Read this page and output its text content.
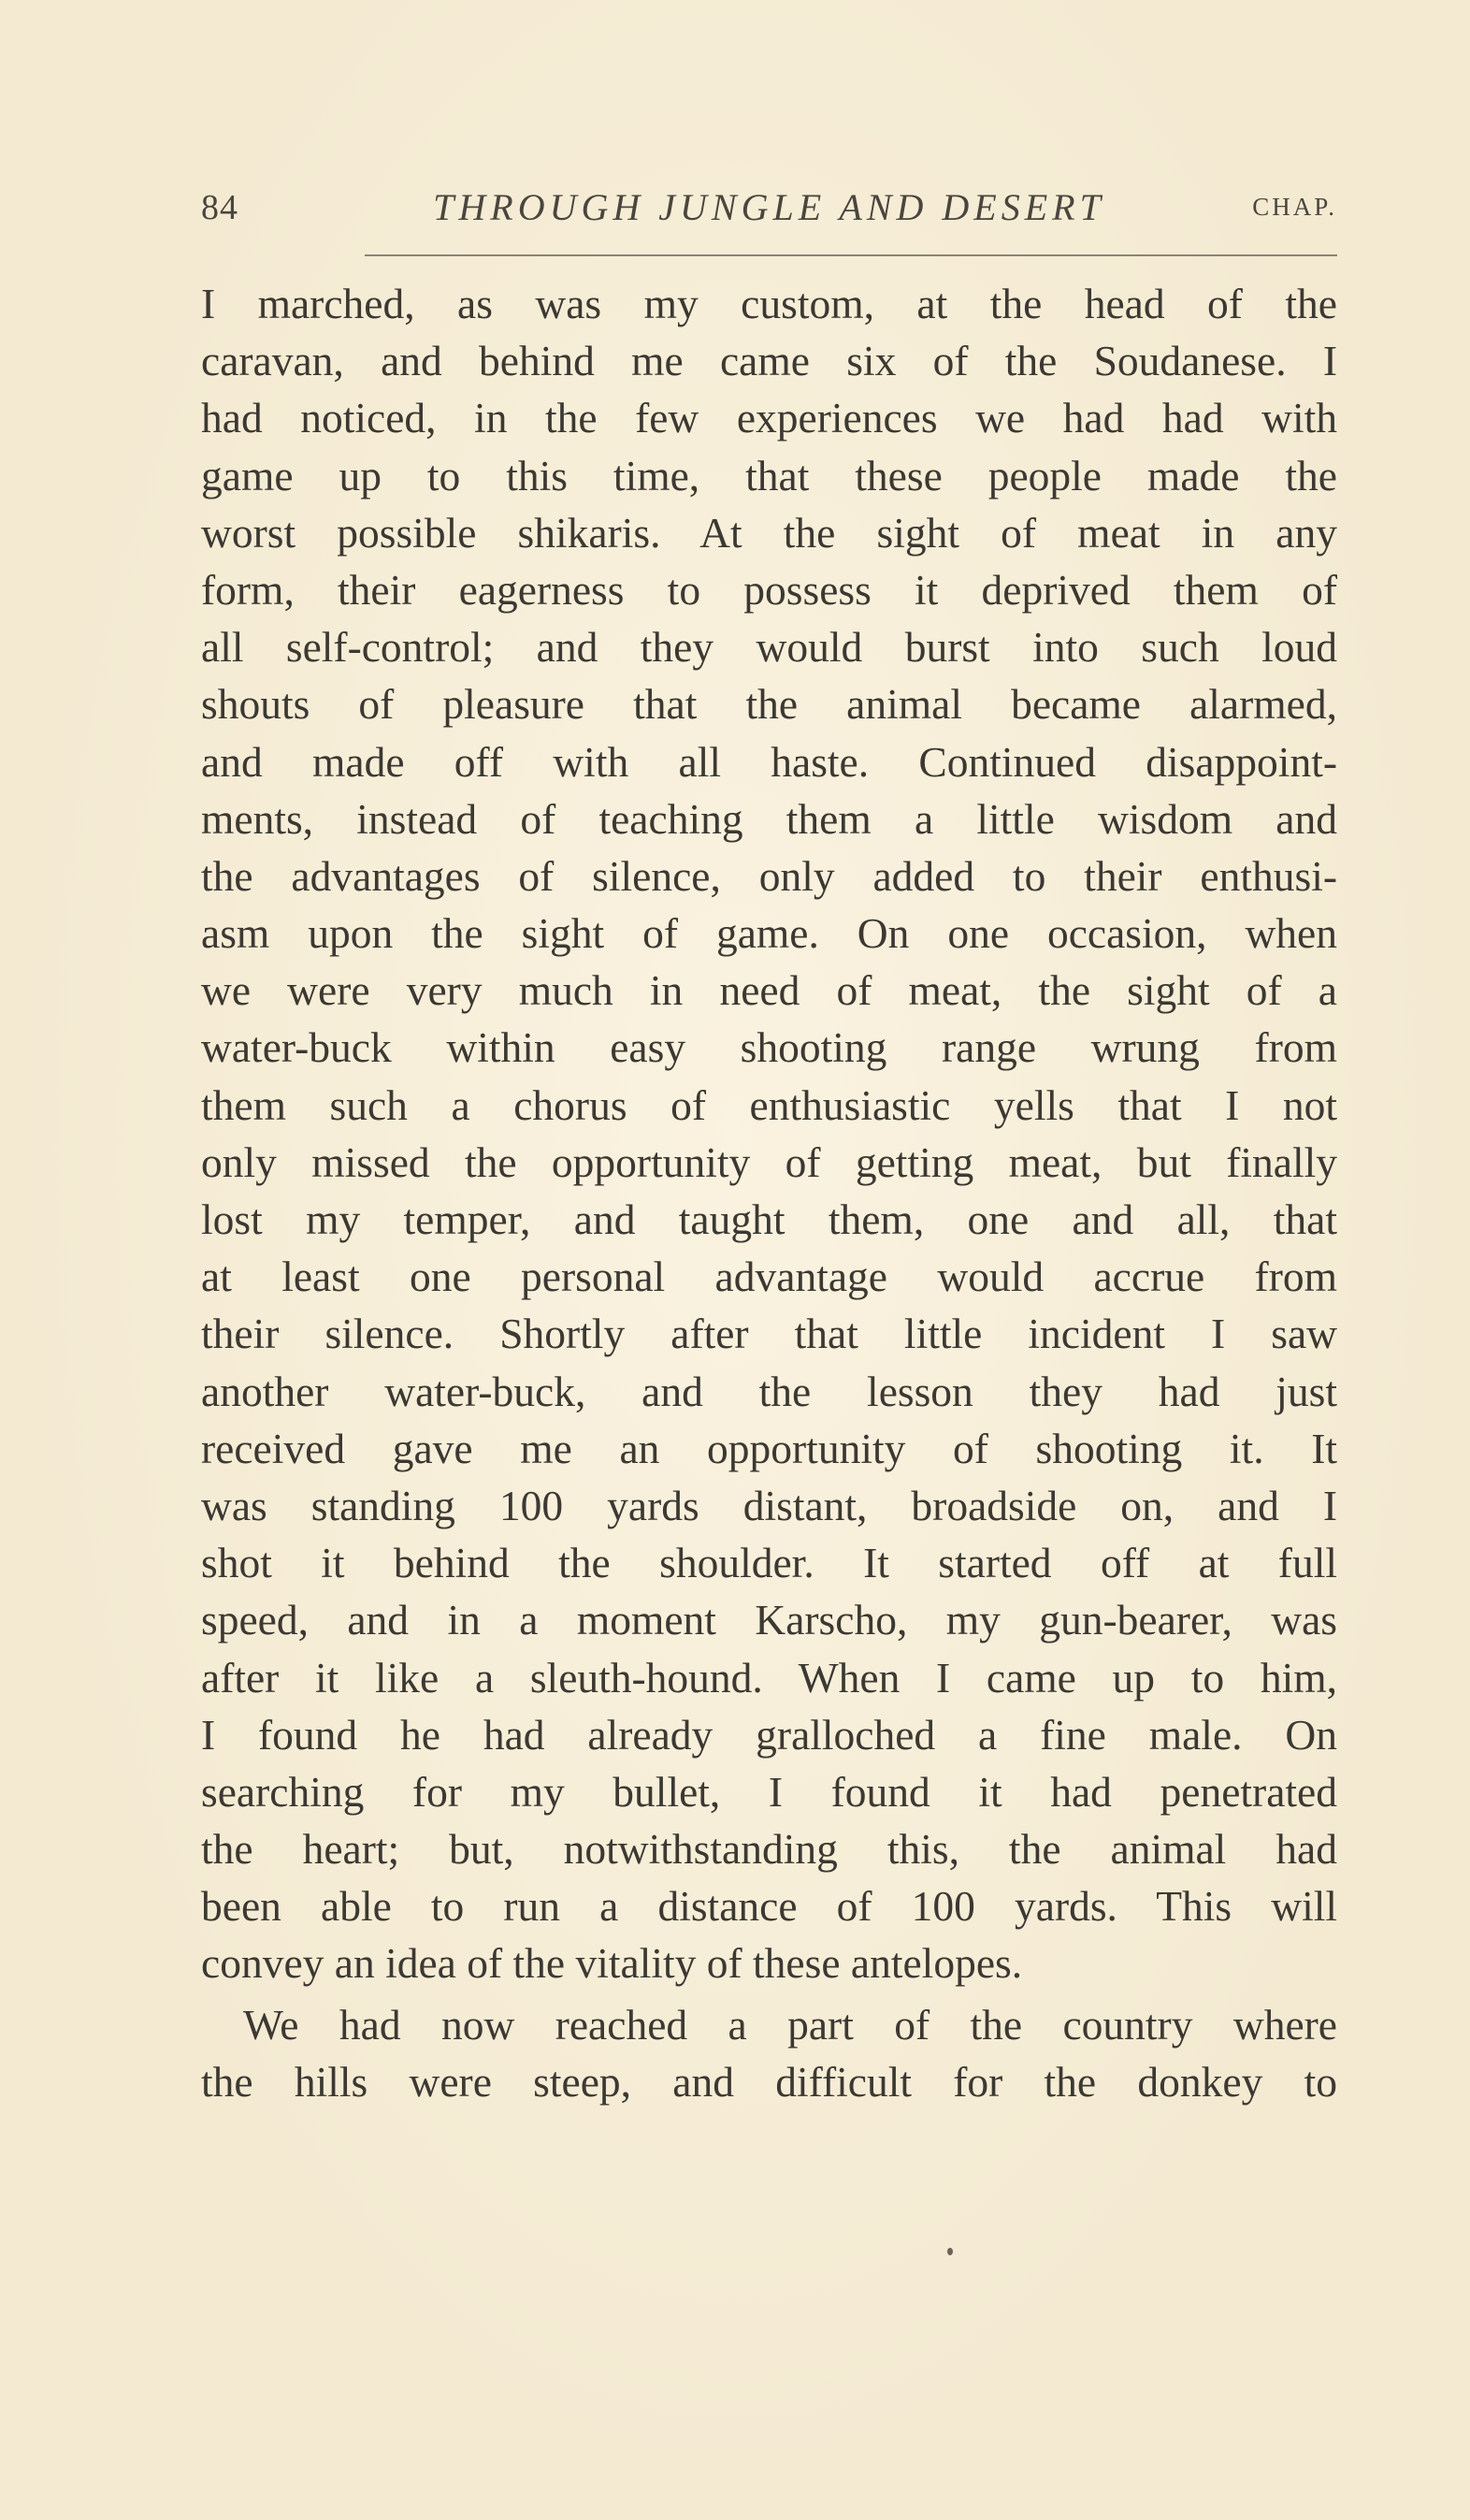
84	THROUGH JUNGLE AND DESERT	CHAP.

I marched, as was my custom, at the head of the
caravan, and behind me came six of the Soudanese. I
had noticed, in the few experiences we had had with
game up to this time, that these people made the
worst possible shikaris. At the sight of meat in any
form, their eagerness to possess it deprived them of
all self-control; and they would burst into such loud
shouts of pleasure that the animal became alarmed,
and made off with all haste. Continued disappoint-
ments, instead of teaching them a little wisdom and
the advantages of silence, only added to their enthusi-
asm upon the sight of game. On one occasion, when
we were very much in need of meat, the sight of a
water-buck within easy shooting range wrung from
them such a chorus of enthusiastic yells that I not
only missed the opportunity of getting meat, but finally
lost my temper, and taught them, one and all, that
at least one personal advantage would accrue from
their silence. Shortly after that little incident I saw
another water-buck, and the lesson they had just
received gave me an opportunity of shooting it. It
was standing 100 yards distant, broadside on, and I
shot it behind the shoulder. It started off at full
speed, and in a moment Karscho, my gun-bearer, was
after it like a sleuth-hound. When I came up to him,
I found he had already gralloched a fine male. On
searching for my bullet, I found it had penetrated
the heart; but, notwithstanding this, the animal had
been able to run a distance of 100 yards. This will
convey an idea of the vitality of these antelopes.

We had now reached a part of the country where
the hills were steep, and difficult for the donkey to
